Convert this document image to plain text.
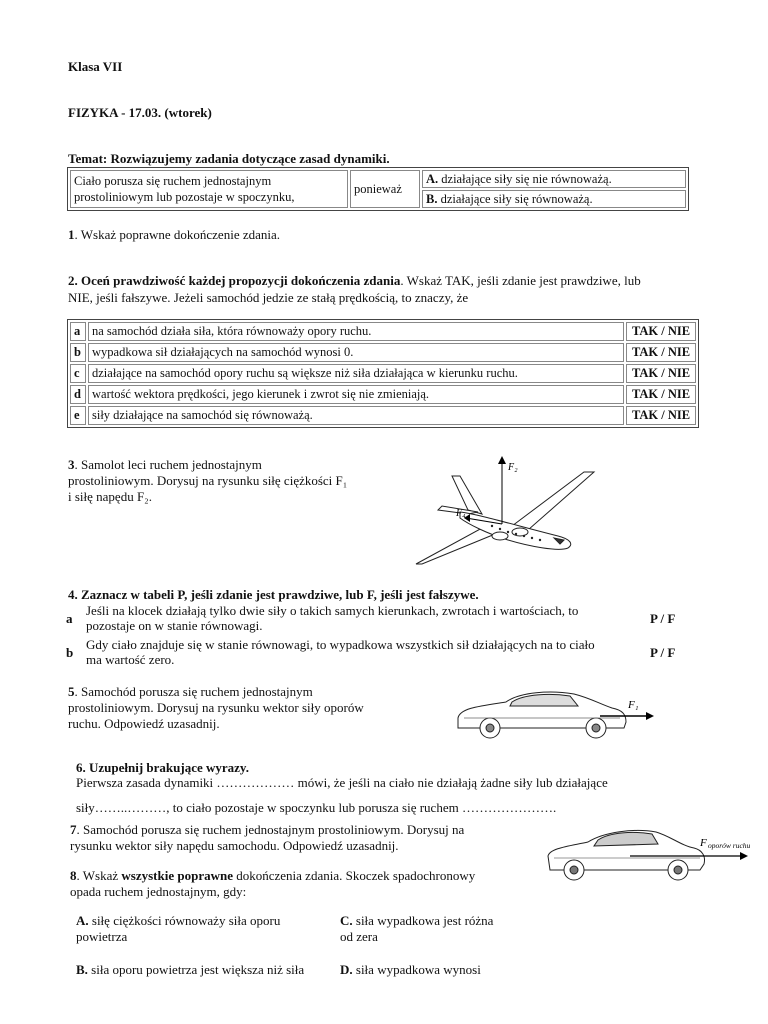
Klasa VII
FIZYKA - 17.03. (wtorek)
Temat: Rozwiązujemy zadania dotyczące zasad dynamiki.
Ciało porusza się ruchem jednostajnym
prostoliniowym lub pozostaje w spoczynku,
	ponieważ	A. działające siły się nie równoważą.
B. działające siły się równoważą.
1. Wskaż poprawne dokończenie zdania.
2. Oceń prawdziwość każdej propozycji dokończenia zdania. Wskaż TAK, jeśli zdanie jest prawdziwe, lub
NIE, jeśli fałszywe. Jeżeli samochód jedzie ze stałą prędkością, to znaczy, że
a	na samochód działa siła, która równoważy opory ruchu.	TAK / NIE
b	wypadkowa sił działających na samochód wynosi 0.	TAK / NIE
c	działające na samochód opory ruchu są większe niż siła działająca w kierunku ruchu.	TAK / NIE
d	wartość wektora prędkości, jego kierunek i zwrot się nie zmieniają.	TAK / NIE
e	siły działające na samochód się równoważą.	TAK / NIE
3. Samolot leci ruchem jednostajnym
prostoliniowym. Dorysuj na rysunku siłę ciężkości F₁
i siłę napędu F₂.
F₂
F₄
4. Zaznacz w tabeli P, jeśli zdanie jest prawdziwe, lub F, jeśli jest fałszywe.
a
Jeśli na klocek działają tylko dwie siły o takich samych kierunkach, zwrotach i wartościach, to
pozostaje on w stanie równowagi.	P / F
b
Gdy ciało znajduje się w stanie równowagi, to wypadkowa wszystkich sił działających na to ciało
ma wartość zero.	P / F
5. Samochód porusza się ruchem jednostajnym
prostoliniowym. Dorysuj na rysunku wektor siły oporów
ruchu. Odpowiedź uzasadnij.
F₁
6. Uzupełnij brakujące wyrazy.
Pierwsza zasada dynamiki ……………… mówi, że jeśli na ciało nie działają żadne siły lub działające
siły……..………, to ciało pozostaje w spoczynku lub porusza się ruchem ………………….
7. Samochód porusza się ruchem jednostajnym prostoliniowym. Dorysuj na
rysunku wektor siły napędu samochodu. Odpowiedź uzasadnij.	F oporów ruchu
8. Wskaż wszystkie poprawne dokończenia zdania. Skoczek spadochronowy
opada ruchem jednostajnym, gdy:
A. siłę ciężkości równoważy siła oporu
powietrza
C. siła wypadkowa jest różna
od zera
B. siła oporu powietrza jest większa niż siła	D. siła wypadkowa wynosi
